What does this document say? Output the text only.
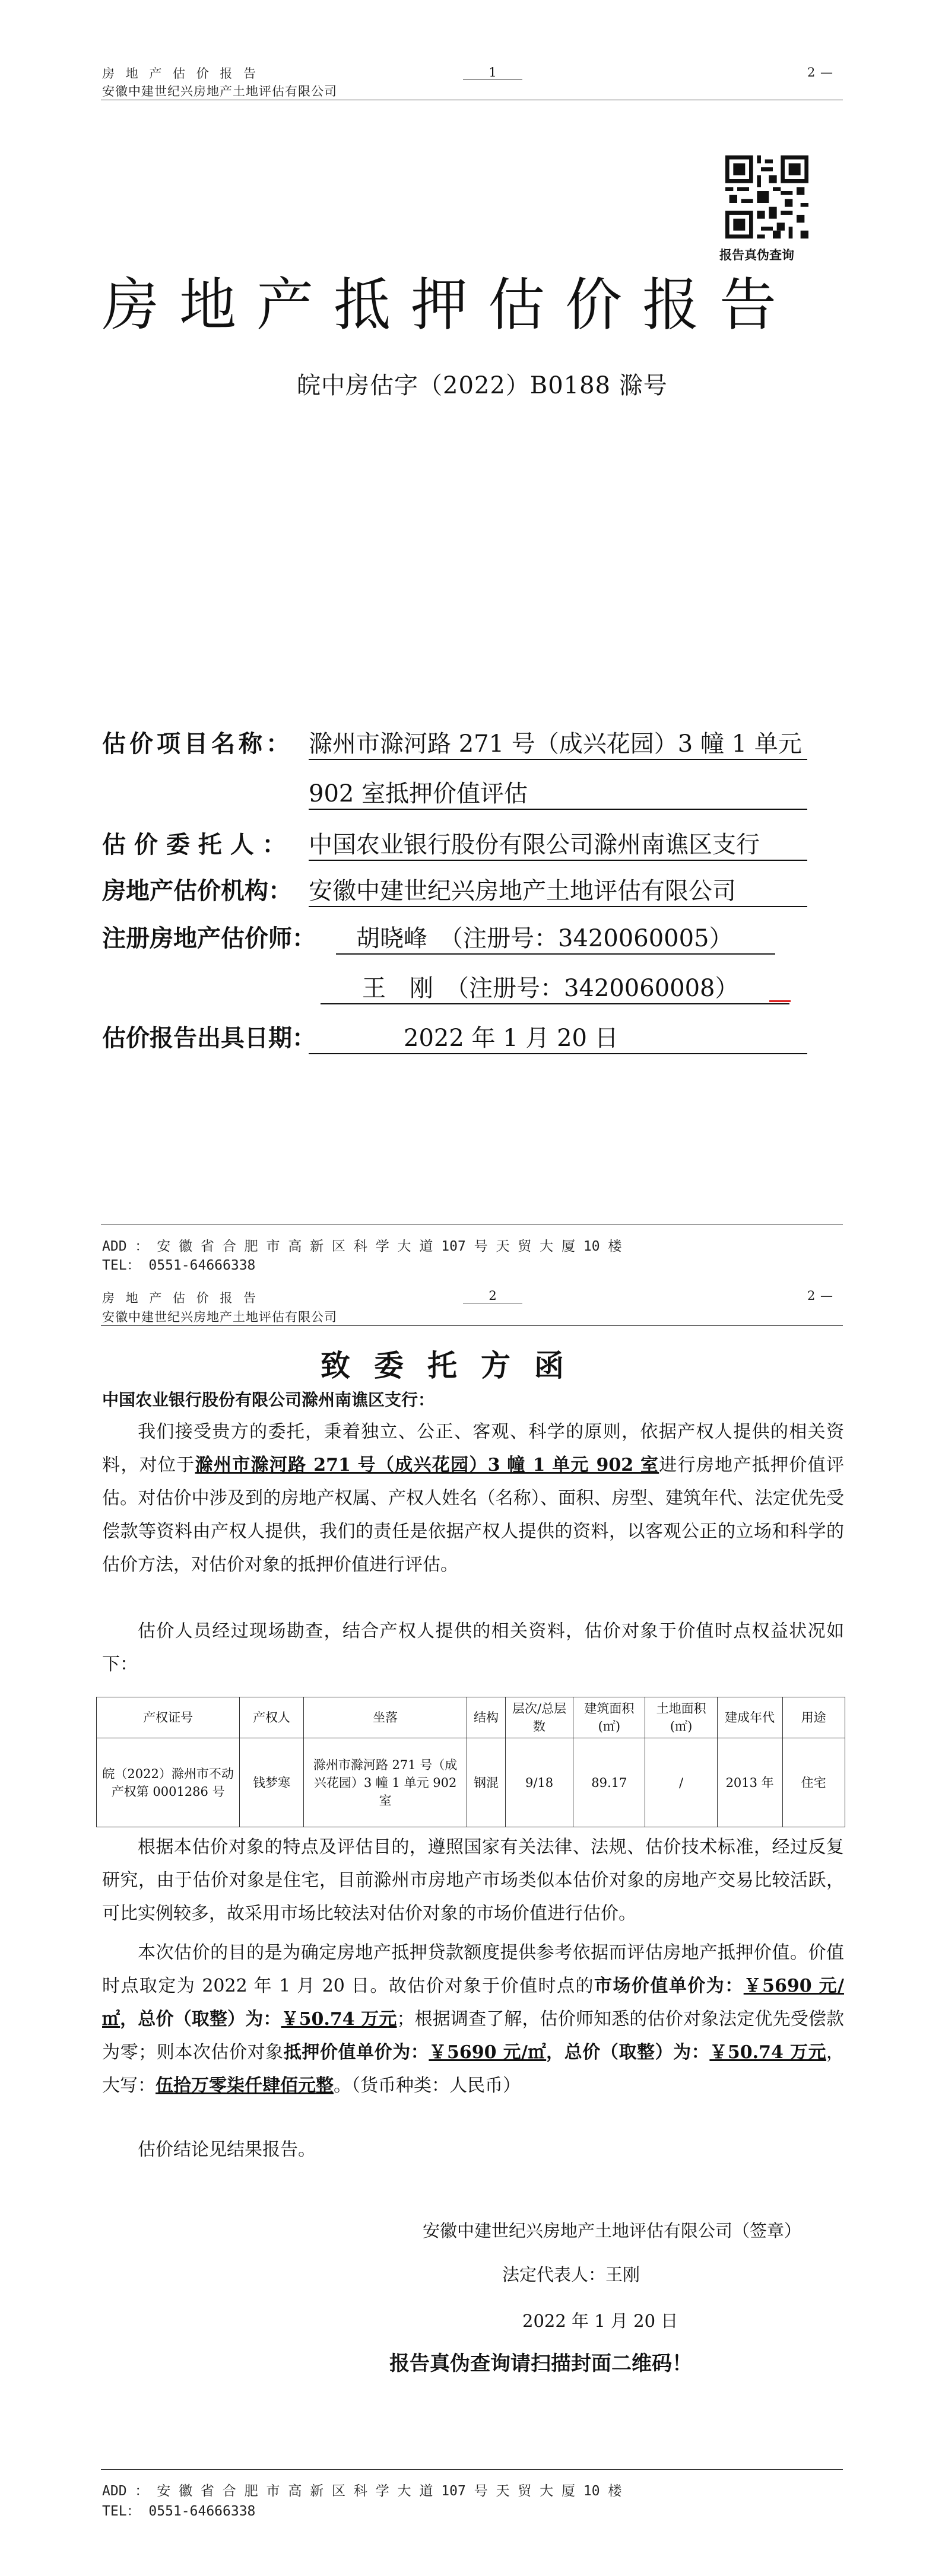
房 地 产 估 价 报 告
安徽中建世纪兴房地产土地评估有限公司
1	2 —
报告真伪查询
房地产抵押估价报告
皖中房估字（2022）B0188 滁号
估价项目名称： 滁州市滁河路 271 号（成兴花园）3 幢 1 单元
902 室抵押价值评估
估 价 委 托 人 ： 中国农业银行股份有限公司滁州南谯区支行
房地产估价机构： 安徽中建世纪兴房地产土地评估有限公司
注册房地产估价师：	胡晓峰　（注册号：3420060005）
王　刚　（注册号：3420060008）
估价报告出具日期：	2022 年 1 月 20 日
ADD ： 安 徽 省 合 肥 市 高 新 区 科 学 大 道 107 号 天 贸 大 厦 10 楼
TEL： 0551-64666338
房 地 产 估 价 报 告
安徽中建世纪兴房地产土地评估有限公司
2	2 —
致委托方函
中国农业银行股份有限公司滁州南谯区支行：
我们接受贵方的委托，秉着独立、公正、客观、科学的原则，依据产权人提供的相关资料，对位于滁州市滁河路 271 号（成兴花园）3 幢 1 单元 902 室进行房地产抵押价值评估。对估价中涉及到的房地产权属、产权人姓名（名称）、面积、房型、建筑年代、法定优先受偿款等资料由产权人提供，我们的责任是依据产权人提供的资料，以客观公正的立场和科学的估价方法，对估价对象的抵押价值进行评估。
估价人员经过现场勘查，结合产权人提供的相关资料，估价对象于价值时点权益状况如下：
产权证号	产权人	坐落	结构	层次/总层数	建筑面积(㎡)	土地面积(㎡)	建成年代	用途
皖（2022）滁州市不动产权第 0001286 号	钱梦寒	滁州市滁河路 271 号（成兴花园）3 幢 1 单元 902 室	钢混	9/18	89.17	/	2013 年	住宅
根据本估价对象的特点及评估目的，遵照国家有关法律、法规、估价技术标准，经过反复研究，由于估价对象是住宅，目前滁州市房地产市场类似本估价对象的房地产交易比较活跃，可比实例较多，故采用市场比较法对估价对象的市场价值进行估价。
本次估价的目的是为确定房地产抵押贷款额度提供参考依据而评估房地产抵押价值。价值时点取定为 2022 年 1 月 20 日。故估价对象于价值时点的市场价值单价为：￥5690 元/㎡，总价（取整）为：￥50.74 万元；根据调查了解，估价师知悉的估价对象法定优先受偿款为零；则本次估价对象抵押价值单价为：￥5690 元/㎡，总价（取整）为：￥50.74 万元，大写：伍拾万零柒仟肆佰元整。（货币种类：人民币）
估价结论见结果报告。
安徽中建世纪兴房地产土地评估有限公司（签章）
法定代表人：王刚
2022 年 1 月 20 日
报告真伪查询请扫描封面二维码！
ADD ： 安 徽 省 合 肥 市 高 新 区 科 学 大 道 107 号 天 贸 大 厦 10 楼
TEL： 0551-64666338
